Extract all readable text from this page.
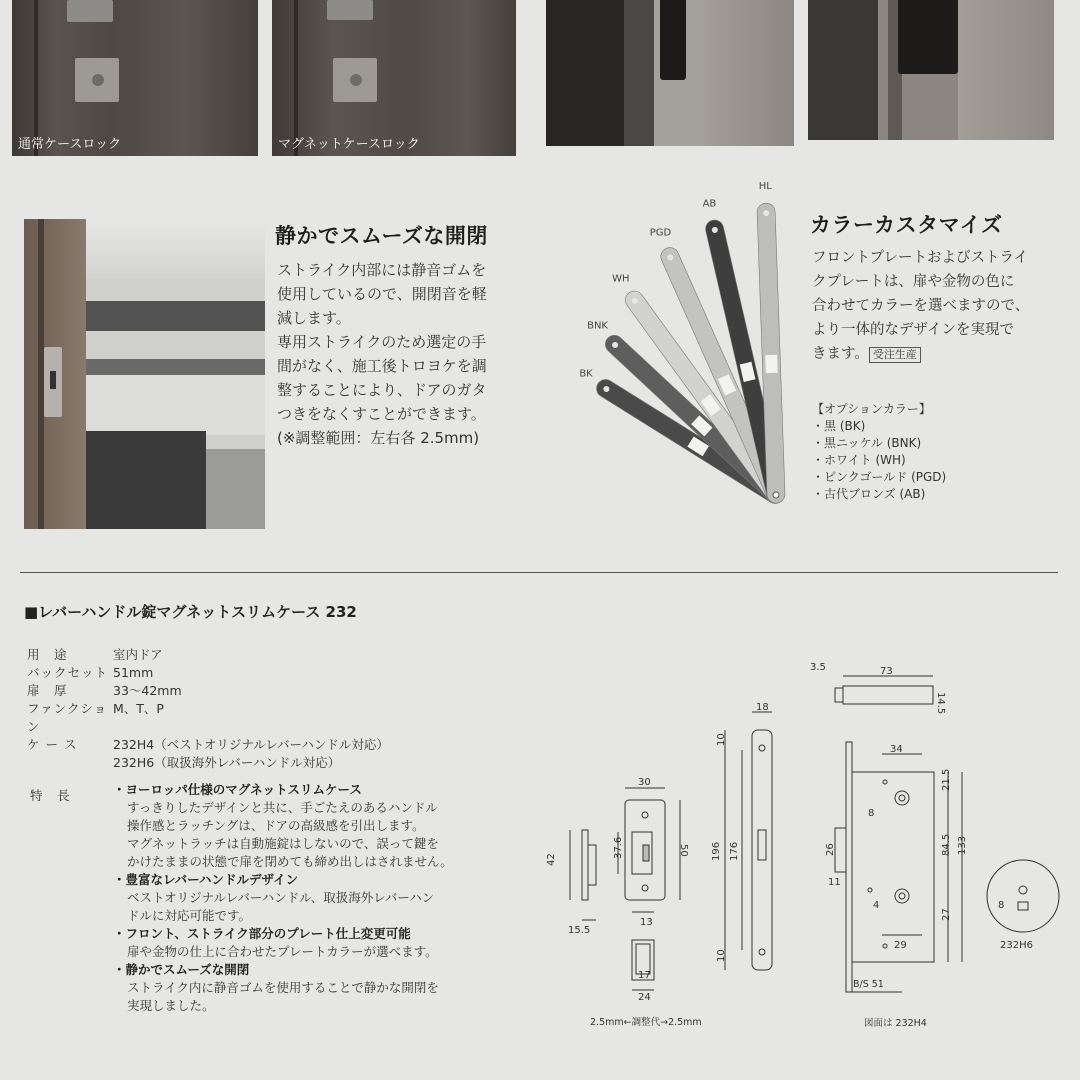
通常ケースロック	マグネットケースロック
静かでスムーズな開閉

ストライク内部には静音ゴムを

使用しているので、開閉音を軽

減します。

専用ストライクのため選定の手

間がなく、施工後トロヨケを調

整することにより、ドアのガタ

つきをなくすことができます。

(※調整範囲：左右各 2.5mm)

BK
BNK
WH
PGD
AB
HL
カラーカスタマイズ

フロントプレートおよびストライ

クプレートは、扉や金物の色に

合わせてカラーを選べますので、

より一体的なデザインを実現で

きます。 受注生産

【オプションカラー】
・黒 (BK)
・黒ニッケル (BNK)
・ホワイト (WH)
・ピンクゴールド (PGD)
・古代ブロンズ (AB)
■レバーハンドル錠マグネットスリムケース 232
用　途	室内ドア
バックセット 51mm
扉　厚	33～42mm
ファンクション
M、T、P
ケ ー ス	232H4（ベストオリジナルレバーハンドル対応）
232H6（取扱海外レバーハンドル対応）
特　長	・ヨーロッパ仕様のマグネットスリムケース
すっきりしたデザインと共に、手ごたえのあるハンドル
操作感とラッチングは、ドアの高級感を引出します。
マグネットラッチは自動施錠はしないので、誤って鍵を
かけたままの状態で扉を閉めても締め出しはされません。
・豊富なレバーハンドルデザイン
ベストオリジナルレバーハンドル、取扱海外レバーハン
ドルに対応可能です。
・フロント、ストライク部分のプレート仕上変更可能
扉や金物の仕上に合わせたプレートカラーが選べます。
・静かでスムーズな開閉
ストライク内に静音ゴムを使用することで静かな開閉を
実現しました。
42
15.5
30
37.6	50
13
17
24
2.5mm←調整代→2.5mm
18
10
196 176
10
3.5	73
14.5
34
21.5
84.5 133
27
26
11
29
8
4
B/S 51
図面は 232H4
8
232H6
